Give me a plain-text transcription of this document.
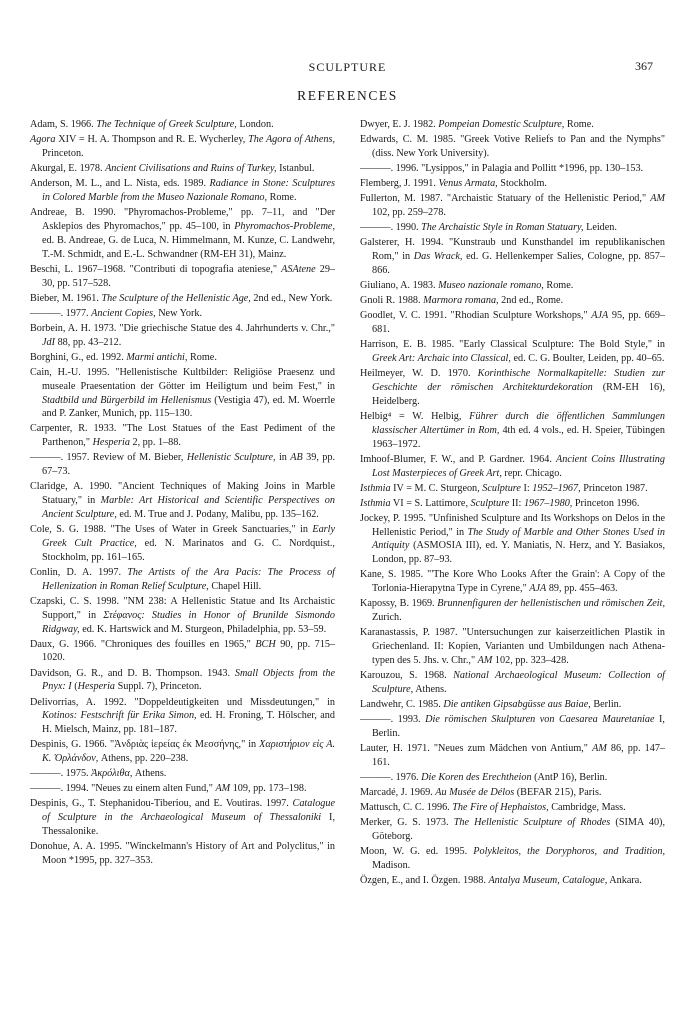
SCULPTURE	367
REFERENCES

Adam, S. 1966. The Technique of Greek Sculpture, London.

Agora XIV = H. A. Thompson and R. E. Wycherley, The Agora of Athens, Princeton.

Akurgal, E. 1978. Ancient Civilisations and Ruins of Turkey, Istanbul.

Anderson, M. L., and L. Nista, eds. 1989. Radiance in Stone: Sculptures in Colored Marble from the Museo Nazionale Romano, Rome.

Andreae, B. 1990. "Phyromachos-Probleme," pp. 7–11, and "Der Asklepios des Phyromachos," pp. 45–100, in Phyromachos-Probleme, ed. B. Andreae, G. de Luca, N. Himmelmann, M. Kunze, C. Landwehr, T.-M. Schmidt, and E.-L. Schwandner (RM-EH 31), Mainz.

Beschi, L. 1967–1968. "Contributi di topografia ateniese," ASAtene 29–30, pp. 517–528.

Bieber, M. 1961. The Sculpture of the Hellenistic Age, 2nd ed., New York.

———. 1977. Ancient Copies, New York.

Borbein, A. H. 1973. "Die griechische Statue des 4. Jahrhunderts v. Chr.," JdI 88, pp. 43–212.

Borghini, G., ed. 1992. Marmi antichi, Rome.

Cain, H.-U. 1995. "Hellenistische Kultbilder: Religiöse Praesenz und museale Praesentation der Götter im Heiligtum und beim Fest," in Stadtbild und Bürgerbild im Hellenismus (Vestigia 47), ed. M. Woerrle and P. Zanker, Munich, pp. 115–130.

Carpenter, R. 1933. "The Lost Statues of the East Pediment of the Parthenon," Hesperia 2, pp. 1–88.

———. 1957. Review of M. Bieber, Hellenistic Sculpture, in AB 39, pp. 67–73.

Claridge, A. 1990. "Ancient Techniques of Making Joins in Marble Statuary," in Marble: Art Historical and Scientific Perspectives on Ancient Sculpture, ed. M. True and J. Podany, Malibu, pp. 135–162.

Cole, S. G. 1988. "The Uses of Water in Greek Sanctuaries," in Early Greek Cult Practice, ed. N. Marinatos and G. C. Nordquist., Stockholm, pp. 161–165.

Conlin, D. A. 1997. The Artists of the Ara Pacis: The Process of Hellenization in Roman Relief Sculpture, Chapel Hill.

Czapski, C. S. 1998. "NM 238: A Hellenistic Statue and Its Archaistic Support," in Στέφανος: Studies in Honor of Brunilde Sismondo Ridgway, ed. K. Hartswick and M. Sturgeon, Philadelphia, pp. 53–59.

Daux, G. 1966. "Chroniques des fouilles en 1965," BCH 90, pp. 715–1020.

Davidson, G. R., and D. B. Thompson. 1943. Small Objects from the Pnyx: I (Hesperia Suppl. 7), Princeton.

Delivorrias, A. 1992. "Doppeldeutigkeiten und Missdeutungen," in Kotinos: Festschrift für Erika Simon, ed. H. Froning, T. Hölscher, and H. Mielsch, Mainz, pp. 181–187.

Despinis, G. 1966. "Ἀνδριὰς ἱερείας ἐκ Μεσσήνης," in Χαριστήριον εἰς Α. Κ. Ὀρλάνδον, Athens, pp. 220–238.

———. 1975. Ἀκρόλιθα, Athens.

———. 1994. "Neues zu einem alten Fund," AM 109, pp. 173–198.

Despinis, G., T. Stephanidou-Tiberiou, and E. Voutiras. 1997. Catalogue of Sculpture in the Archaeological Museum of Thessaloniki I, Thessalonike.

Donohue, A. A. 1995. "Winckelmann's History of Art and Polyclitus," in Moon *1995, pp. 327–353.

Dwyer, E. J. 1982. Pompeian Domestic Sculpture, Rome.

Edwards, C. M. 1985. "Greek Votive Reliefs to Pan and the Nymphs" (diss. New York University).

———. 1996. "Lysippos," in Palagia and Pollitt *1996, pp. 130–153.

Flemberg, J. 1991. Venus Armata, Stockholm.

Fullerton, M. 1987. "Archaistic Statuary of the Hellenistic Period," AM 102, pp. 259–278.

———. 1990. The Archaistic Style in Roman Statuary, Leiden.

Galsterer, H. 1994. "Kunstraub und Kunsthandel im republikanischen Rom," in Das Wrack, ed. G. Hellenkemper Salies, Cologne, pp. 857–866.

Giuliano, A. 1983. Museo nazionale romano, Rome.

Gnoli R. 1988. Marmora romana, 2nd ed., Rome.

Goodlet, V. C. 1991. "Rhodian Sculpture Workshops," AJA 95, pp. 669–681.

Harrison, E. B. 1985. "Early Classical Sculpture: The Bold Style," in Greek Art: Archaic into Classical, ed. C. G. Boulter, Leiden, pp. 40–65.

Heilmeyer, W. D. 1970. Korinthische Normalkapitelle: Studien zur Geschichte der römischen Architekturdekoration (RM-EH 16), Heidelberg.

Helbig⁴ = W. Helbig, Führer durch die öffentlichen Sammlungen klassischer Altertümer in Rom, 4th ed. 4 vols., ed. H. Speier, Tübingen 1963–1972.

Imhoof-Blumer, F. W., and P. Gardner. 1964. Ancient Coins Illustrating Lost Masterpieces of Greek Art, repr. Chicago.

Isthmia IV = M. C. Sturgeon, Sculpture I: 1952–1967, Princeton 1987.

Isthmia VI = S. Lattimore, Sculpture II: 1967–1980, Princeton 1996.

Jockey, P. 1995. "Unfinished Sculpture and Its Workshops on Delos in the Hellenistic Period," in The Study of Marble and Other Stones Used in Antiquity (ASMOSIA III), ed. Y. Maniatis, N. Herz, and Y. Basiakos, London, pp. 87–93.

Kane, S. 1985. "'The Kore Who Looks After the Grain': A Copy of the Torlonia-Hierapytna Type in Cyrene," AJA 89, pp. 455–463.

Kapossy, B. 1969. Brunnenfiguren der hellenistischen und römischen Zeit, Zurich.

Karanastassis, P. 1987. "Untersuchungen zur kaiserzeitlichen Plastik in Griechenland. II: Kopien, Varianten und Umbildungen nach Athena-typen des 5. Jhs. v. Chr.," AM 102, pp. 323–428.

Karouzou, S. 1968. National Archaeological Museum: Collection of Sculpture, Athens.

Landwehr, C. 1985. Die antiken Gipsabgüsse aus Baiae, Berlin.

———. 1993. Die römischen Skulpturen von Caesarea Mauretaniae I, Berlin.

Lauter, H. 1971. "Neues zum Mädchen von Antium," AM 86, pp. 147–161.

———. 1976. Die Koren des Erechtheion (AntP 16), Berlin.

Marcadé, J. 1969. Au Musée de Délos (BEFAR 215), Paris.

Mattusch, C. C. 1996. The Fire of Hephaistos, Cambridge, Mass.

Merker, G. S. 1973. The Hellenistic Sculpture of Rhodes (SIMA 40), Göteborg.

Moon, W. G. ed. 1995. Polykleitos, the Doryphoros, and Tradition, Madison.

Özgen, E., and I. Özgen. 1988. Antalya Museum, Catalogue, Ankara.
